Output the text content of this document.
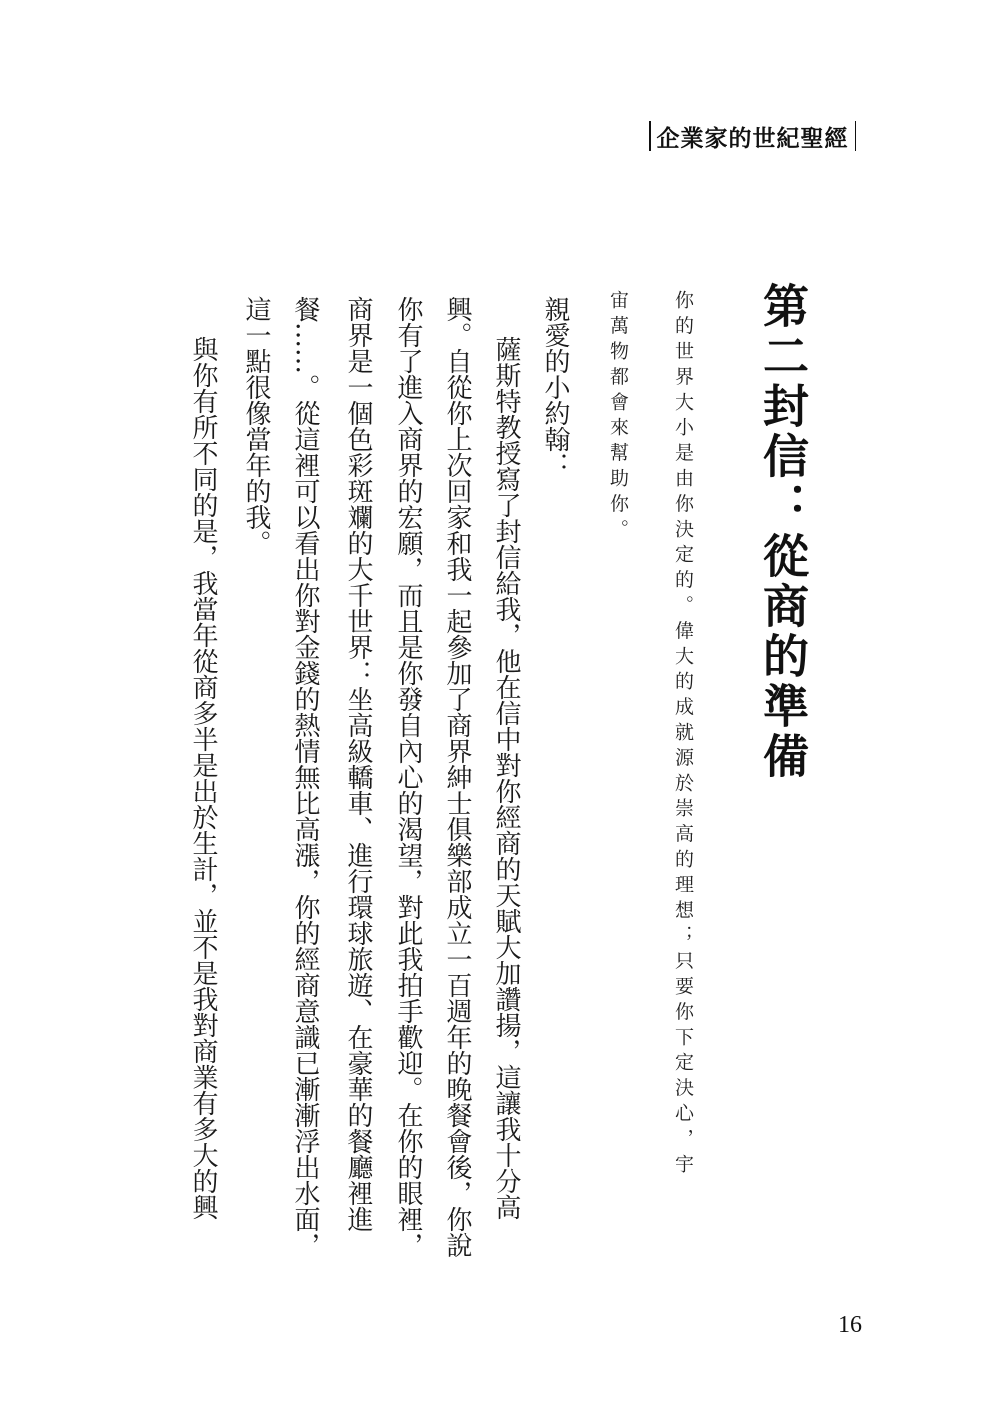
企業家的世紀聖經
第二封信：從商的準備
你的世界大小是由你決定的。偉大的成就源於崇高的理想；只要你下定決心，宇
宙萬物都會來幫助你。
親愛的小約翰：
薩斯特教授寫了封信給我，他在信中對你經商的天賦大加讚揚，這讓我十分高
興。自從你上次回家和我一起參加了商界紳士俱樂部成立一百週年的晚餐會後，你說
你有了進入商界的宏願，而且是你發自內心的渴望，對此我拍手歡迎。在你的眼裡，
商界是一個色彩斑斕的大千世界：坐高級轎車、進行環球旅遊、在豪華的餐廳裡進
餐……。從這裡可以看出你對金錢的熱情無比高漲，你的經商意識已漸漸浮出水面，
這一點很像當年的我。
與你有所不同的是，我當年從商多半是出於生計，並不是我對商業有多大的興
16
